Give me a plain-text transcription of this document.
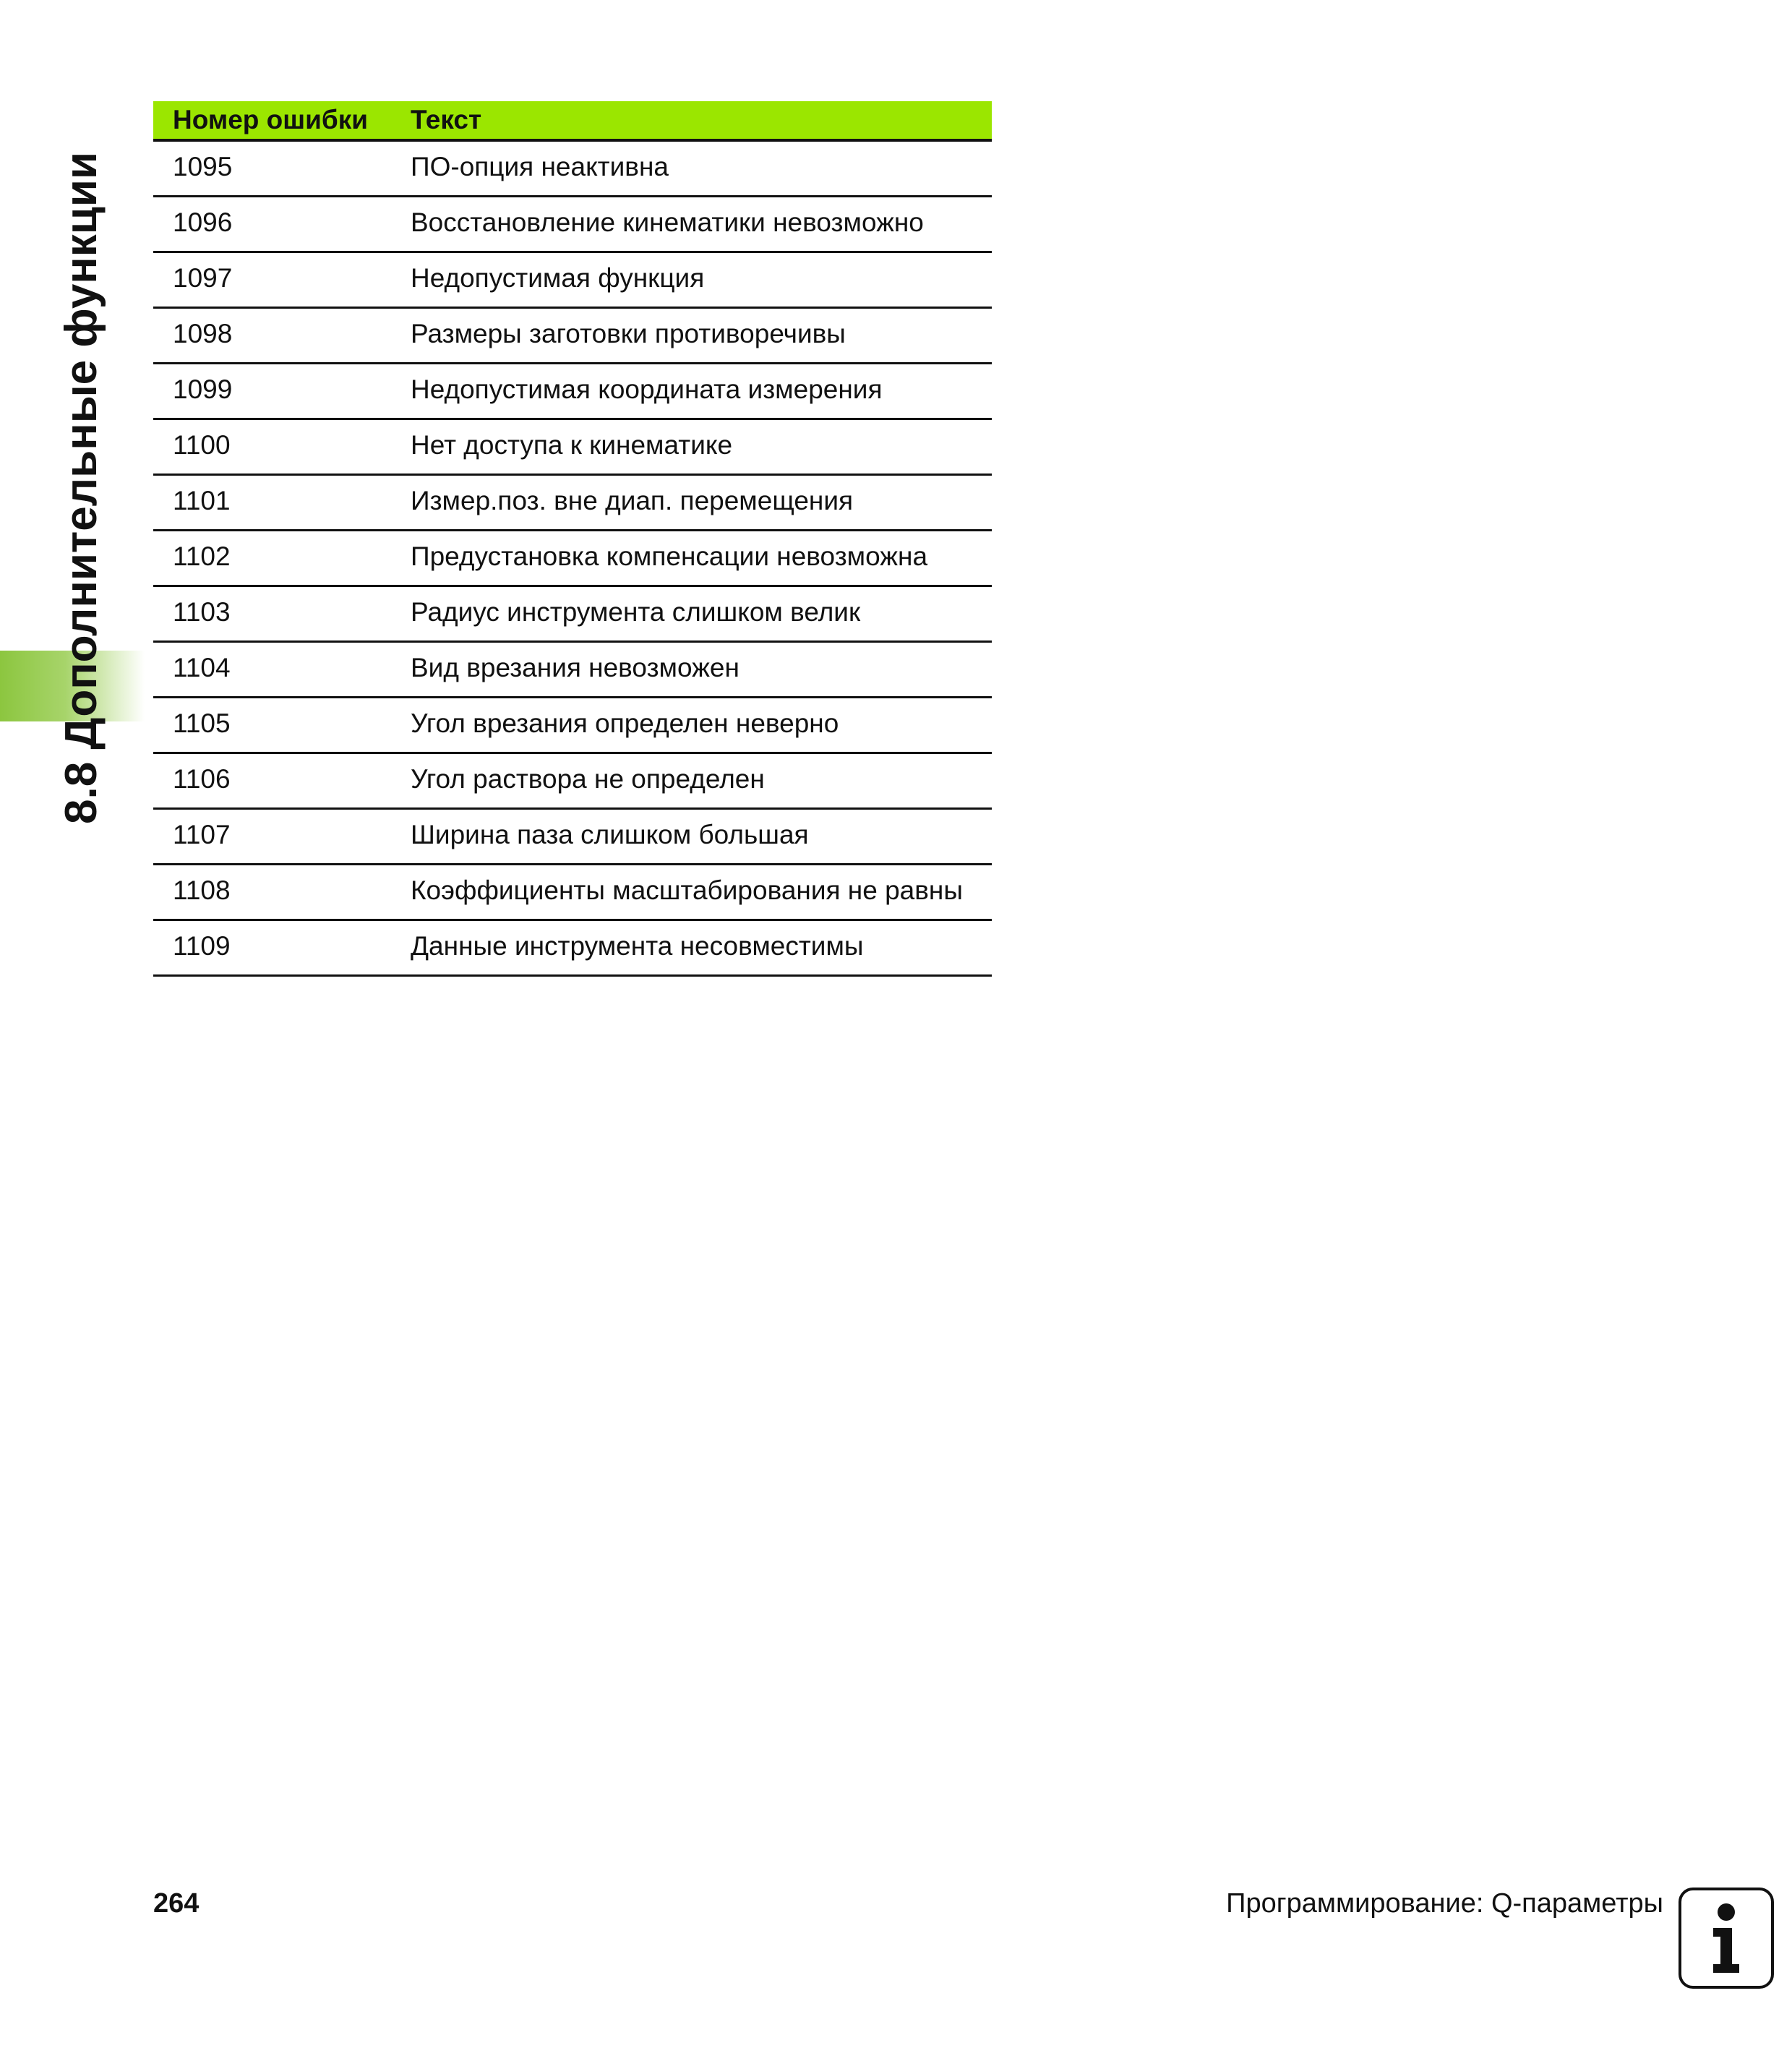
8.8 Дополнительные функции
Номер ошибки	Текст
1095	ПО-опция неактивна
1096	Восстановление кинематики невозможно
1097	Недопустимая функция
1098	Размеры заготовки противоречивы
1099	Недопустимая координата измерения
1100	Нет доступа к кинематике
1101	Измер.поз. вне диап. перемещения
1102	Предустановка компенсации невозможна
1103	Радиус инструмента слишком велик
1104	Вид врезания невозможен
1105	Угол врезания определен неверно
1106	Угол раствора не определен
1107	Ширина паза слишком большая
1108	Коэффициенты масштабирования не равны
1109	Данные инструмента несовместимы
264	Программирование: Q-параметры
